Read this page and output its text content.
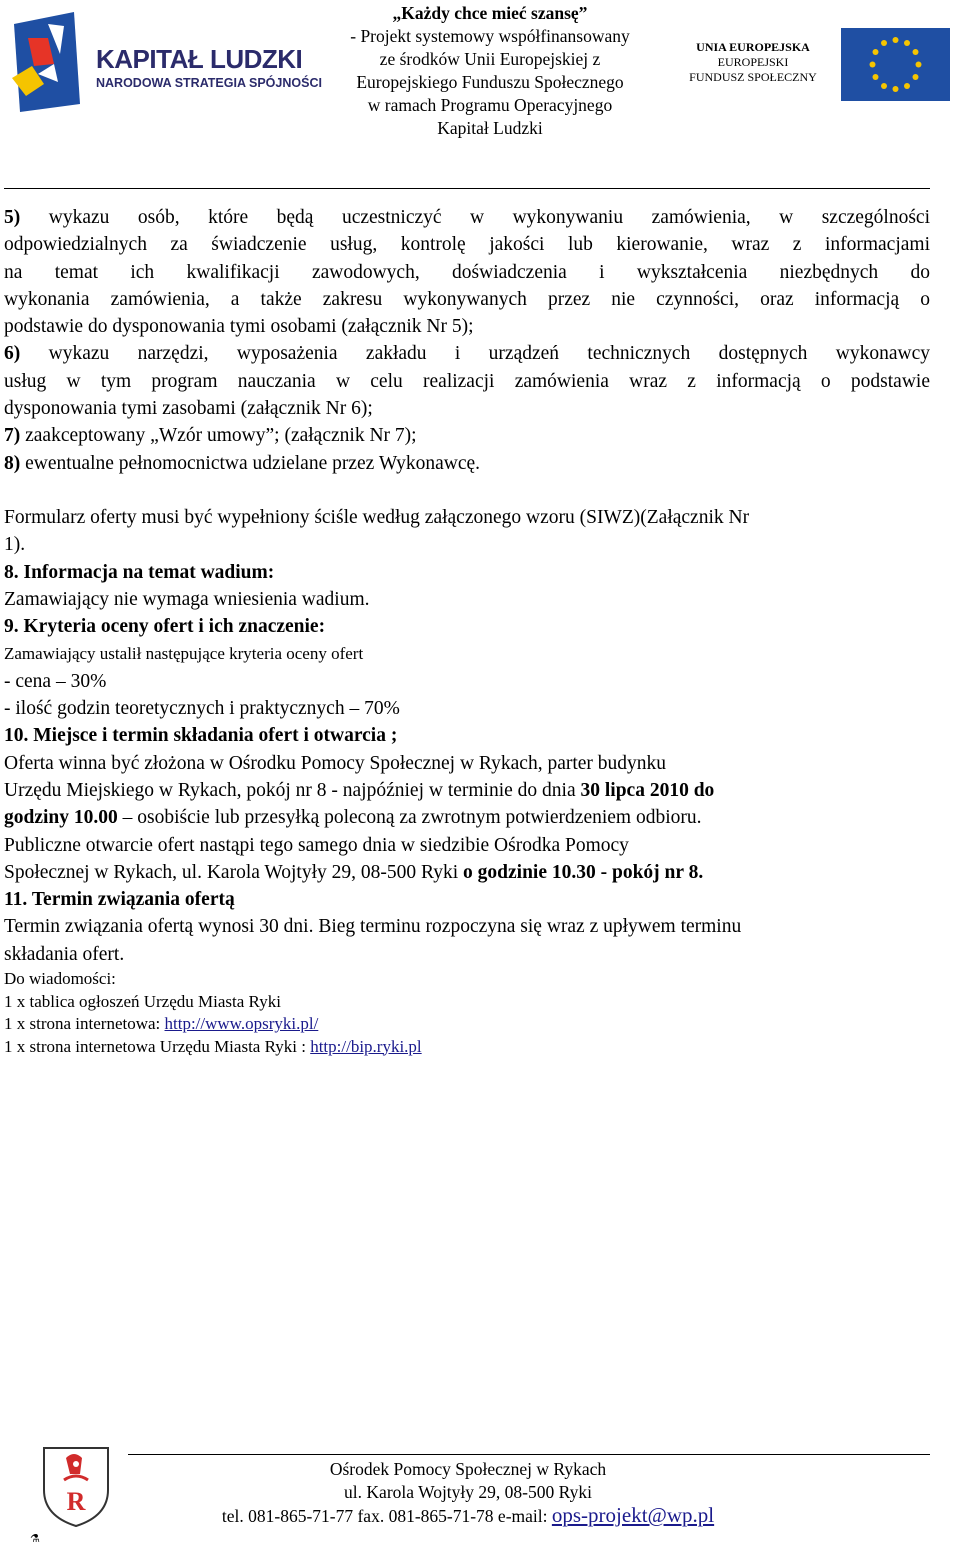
KAPITAŁ LUDZKI
NARODOWA STRATEGIA SPÓJNOŚCI
„Każdy chce mieć szansę”
- Projekt systemowy współfinansowany
ze środków Unii Europejskiej z
Europejskiego Funduszu Społecznego
w ramach Programu Operacyjnego
Kapitał Ludzki
UNIA EUROPEJSKA
EUROPEJSKI
FUNDUSZ SPOŁECZNY
5) wykazu osób, które będą uczestniczyć w wykonywaniu zamówienia, w szczególności
odpowiedzialnych za świadczenie usług, kontrolę jakości lub kierowanie, wraz z informacjami
na temat ich kwalifikacji zawodowych, doświadczenia i wykształcenia niezbędnych do
wykonania zamówienia, a także zakresu wykonywanych przez nie czynności, oraz informacją o
podstawie do dysponowania tymi osobami (załącznik Nr 5);
6) wykazu narzędzi, wyposażenia zakładu i urządzeń technicznych dostępnych wykonawcy
usług w tym program nauczania w celu realizacji zamówienia wraz z informacją o podstawie
dysponowania tymi zasobami (załącznik Nr 6);
7) zaakceptowany „Wzór umowy”; (załącznik Nr 7);
8) ewentualne pełnomocnictwa udzielane przez Wykonawcę.
Formularz oferty musi być wypełniony ściśle według załączonego wzoru (SIWZ)(Załącznik Nr
1).
8. Informacja na temat wadium:
Zamawiający nie wymaga wniesienia wadium.
9. Kryteria oceny ofert i ich znaczenie:
Zamawiający ustalił następujące kryteria oceny ofert
- cena – 30%
- ilość godzin teoretycznych i praktycznych – 70%
10. Miejsce i termin składania ofert i otwarcia ;
Oferta winna być złożona w Ośrodku Pomocy Społecznej w Rykach, parter budynku
Urzędu Miejskiego w Rykach, pokój nr 8 - najpóźniej w terminie do dnia 30 lipca 2010 do
godziny 10.00 – osobiście lub przesyłką poleconą za zwrotnym potwierdzeniem odbioru.
Publiczne otwarcie ofert nastąpi tego samego dnia w siedzibie Ośrodka Pomocy
Społecznej w Rykach, ul. Karola Wojtyły 29, 08-500 Ryki o godzinie 10.30 - pokój nr 8.
11. Termin związania ofertą
Termin związania ofertą wynosi 30 dni. Bieg terminu rozpoczyna się wraz z upływem terminu
składania ofert.
Do wiadomości:
1 x tablica ogłoszeń Urzędu Miasta Ryki
1 x strona internetowa: http://www.opsryki.pl/
1 x strona internetowa Urzędu Miasta Ryki : http://bip.ryki.pl
R
⚗
Ośrodek Pomocy Społecznej w Rykach
ul. Karola Wojtyły 29, 08-500 Ryki
tel. 081-865-71-77 fax. 081-865-71-78 e-mail: ops-projekt@wp.pl
